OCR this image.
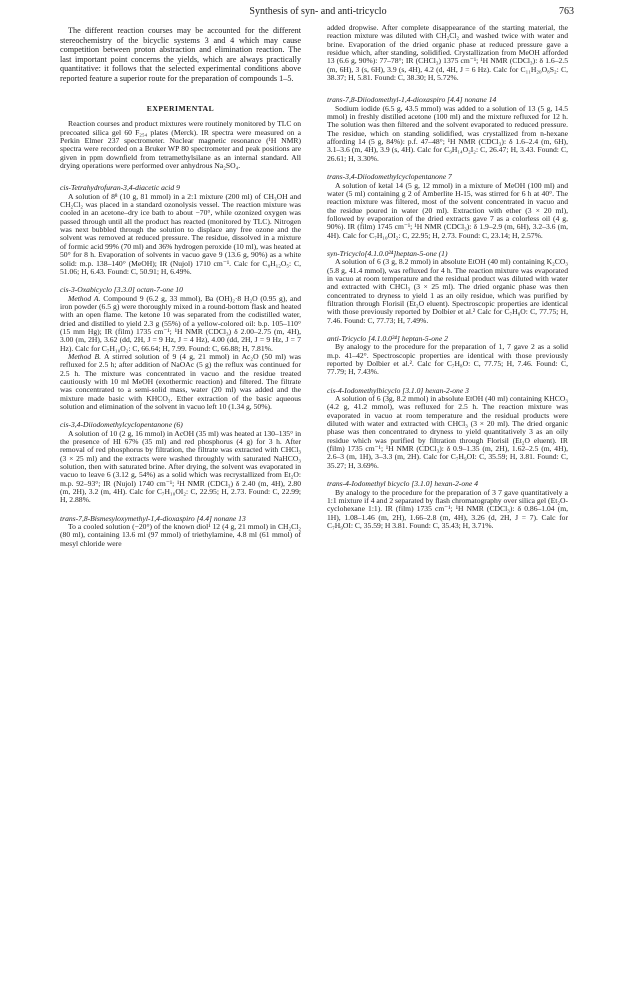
Synthesis of syn- and anti-tricyclo	763

The different reaction courses may be accounted for the different stereochemistry of the bicyclic systems 3 and 4 which may cause competition between proton abstraction and elimination reaction. The last important point concerns the yields, which are always practically quantitative: it follows that the selected experimental conditions above reported feature a superior route for the preparation of compounds 1–5.

EXPERIMENTAL

Reaction courses and product mixtures were routinely monitored by TLC on precoated silica gel 60 F₂₅₄ plates (Merck). IR spectra were measured on a Perkin Elmer 237 spectrometer. Nuclear magnetic resonance (¹H NMR) spectra were recorded on a Bruker WP 80 spectrometer and peak positions are given in ppm downfield from tetramethylsilane as an internal standard. All drying operations were performed over anhydrous Na₂SO₄.

cis-Tetrahydrofuran-3,4-diacetic acid 9

A solution of 8⁸ (10 g, 81 mmol) in a 2:1 mixture (200 ml) of CH₃OH and CH₂Cl₂ was placed in a standard ozonolysis vessel. The reaction mixture was cooled in an acetone–dry ice bath to about −70°, while ozonized oxygen was passed through until all the product has reacted (monitored by TLC). Nitrogen was next bubbled through the solution to displace any free ozone and the solvent was removed at reduced pressure. The residue, dissolved in a mixture of formic acid 99% (70 ml) and 36% hydrogen peroxide (10 ml), was heated at 50° for 8 h. Evaporation of solvents in vacuo gave 9 (13.6 g, 90%) as a white solid: m.p. 138–140° (MeOH); IR (Nujol) 1710 cm⁻¹. Calc for C₈H₁₂O₅: C, 51.06; H, 6.43. Found: C, 50.91; H, 6.49%.

cis-3-Oxabicyclo [3.3.0] octan-7-one 10

Method A. Compound 9 (6.2 g, 33 mmol), Ba (OH)₂·8 H₂O (0.95 g), and iron powder (6.5 g) were thoroughly mixed in a round-bottom flask and heated with an open flame. The ketone 10 was separated from the codistilled water, dried and distilled to yield 2.3 g (55%) of a yellow-colored oil: b.p. 105–110° (15 mm Hg); IR (film) 1735 cm⁻¹; ¹H NMR (CDCl₃) δ 2.00–2.75 (m, 4H), 3.00 (m, 2H), 3.62 (dd, 2H, J = 9 Hz, J = 4 Hz), 4.00 (dd, 2H, J = 9 Hz, J = 7 Hz). Calc for C₇H₁₀O₂: C, 66.64; H, 7.99. Found: C, 66.88; H, 7.81%.

Method B. A stirred solution of 9 (4 g, 21 mmol) in Ac₂O (50 ml) was refluxed for 2.5 h; after addition of NaOAc (5 g) the reflux was continued for 2.5 h. The mixture was concentrated in vacuo and the residue treated cautiously with 10 ml MeOH (exothermic reaction) and filtered. The filtrate was concentrated to a semi-solid mass, water (20 ml) was added and the mixture made basic with KHCO₃. Ether extraction of the basic aqueous solution and elimination of the solvent in vacuo left 10 (1.34 g, 50%).

cis-3,4-Diiodomethylcyclopentanone (6)

A solution of 10 (2 g, 16 mmol) in AcOH (35 ml) was heated at 130–135° in the presence of HI 67% (35 ml) and red phosphorus (4 g) for 3 h. After removal of red phosphorus by filtration, the filtrate was extracted with CHCl₃ (3 × 25 ml) and the extracts were washed throughly with saturated NaHCO₃ solution, then with saturated brine. After drying, the solvent was evaporated in vacuo to leave 6 (3.12 g, 54%) as a solid which was recrystallized from Et₂O: m.p. 92–93°; IR (Nujol) 1740 cm⁻¹; ¹H NMR (CDCl₃) δ 2.40 (m, 4H), 2.80 (m, 2H), 3.2 (m, 4H). Calc for C₇H₁₀OI₂: C, 22.95; H, 2.73. Found: C, 22.99; H, 2.88%.

trans-7,8-Bismesyloxymethyl-1,4-dioxaspiro [4.4] nonane 13

To a cooled solution (−20°) of the known diol¹ 12 (4 g, 21 mmol) in CH₂Cl₂ (80 ml), containing 13.6 ml (97 mmol) of triethylamine, 4.8 ml (61 mmol) of mesyl chloride were

added dropwise. After complete disappearance of the starting material, the reaction mixture was diluted with CH₂Cl₂ and washed twice with water and brine. Evaporation of the dried organic phase at reduced pressure gave a residue which, after standing, solidified. Crystallization from MeOH afforded 13 (6.6 g, 90%): 77–78°; IR (CHCl₃) 1375 cm⁻¹; ¹H NMR (CDCl₃): δ 1.6–2.5 (m, 6H), 3 (s, 6H), 3.9 (s, 4H), 4.2 (d, 4H, J = 6 Hz). Calc for C₁₁H₂₀O₈S₂: C, 38.37; H, 5.81. Found: C, 38.30; H, 5.72%.

trans-7,8-Diiodomethyl-1,4-dioxaspiro [4.4] nonane 14

Sodium iodide (6.5 g, 43.5 mmol) was added to a solution of 13 (5 g, 14.5 mmol) in freshly distilled acetone (100 ml) and the mixture refluxed for 12 h. The solution was then filtered and the solvent evaporated to reduced pressure. The residue, which on standing solidified, was crystallized from n-hexane affording 14 (5 g, 84%): p.f. 47–48°; ¹H NMR (CDCl₃): δ 1.6–2.4 (m, 6H), 3.1–3.6 (m, 4H), 3.9 (s, 4H). Calc for C₉H₁₄O₂I₂: C, 26.47; H, 3.43. Found: C, 26.61; H, 3.30%.

trans-3,4-Diiodomethylcyclopentanone 7

A solution of ketal 14 (5 g, 12 mmol) in a mixture of MeOH (100 ml) and water (5 ml) containing g 2 of Amberlite H-15, was stirred for 6 h at 40°. The reaction mixture was filtered, most of the solvent concentrated in vacuo and the residue poured in water (20 ml). Extraction with ether (3 × 20 ml), followed by evaporation of the dried extracts gave 7 as a colorless oil (4 g, 90%). IR (film) 1745 cm⁻¹; ¹H NMR (CDCl₃): δ 1.9–2.9 (m, 6H), 3.2–3.6 (m, 4H). Calc for C₇H₁₀OI₂: C, 22.95; H, 2.73. Found: C, 23.14; H, 2.57%.

syn-Tricyclo[4.1.0.0²⁴]heptan-5-one (1)

A solution of 6 (3 g, 8.2 mmol) in absolute EtOH (40 ml) containing K₂CO₃ (5.8 g, 41.4 mmol), was refluxed for 4 h. The reaction mixture was evaporated in vacuo at room temperature and the residual product was diluted with water and extracted with CHCl₃ (3 × 25 ml). The dried organic phase was then concentrated to dryness to yield 1 as an oily residue, which was purified by filtration through Florisil (Et₂O eluent). Spectroscopic properties are identical with those previously reported by Dolbier et al.² Calc for C₇H₈O: C, 77.75; H, 7.46. Found: C, 77.73; H, 7.49%.

anti-Tricyclo [4.1.0.0²⁴] heptan-5-one 2

By analogy to the procedure for the preparation of 1, 7 gave 2 as a solid m.p. 41–42°. Spectroscopic properties are identical with those previously reported by Dolbier et al.². Calc for C₇H₈O: C, 77.75; H, 7.46. Found: C, 77.79; H, 7.43%.

cis-4-Iodomethylbicyclo [3.1.0] hexan-2-one 3

A solution of 6 (3g, 8.2 mmol) in absolute EtOH (40 ml) containing KHCO₃ (4.2 g, 41.2 mmol), was refluxed for 2.5 h. The reaction mixture was evaporated in vacuo at room temperature and the residual products were diluted with water and extracted with CHCl₃ (3 × 20 ml). The dried organic phase was then concentrated to dryness to yield quantitatively 3 as an oily residue which was purified by filtration through Florisil (Et₂O eluent). IR (film) 1735 cm⁻¹; ¹H NMR (CDCl₃): δ 0.9–1.35 (m, 2H), 1.62–2.5 (m, 4H), 2.6–3 (m, 1H), 3–3.3 (m, 2H). Calc for C₇H₉OI: C, 35.59; H, 3.81. Found: C, 35.27; H, 3.69%.

trans-4-Iodomethyl bicyclo [3.1.0] hexan-2-one 4

By analogy to the procedure for the preparation of 3 7 gave quantitatively a 1:1 mixture if 4 and 2 separated by flash chromatography over silica gel (Et₂O-cyclohexane 1:1). IR (film) 1735 cm⁻¹; ¹H NMR (CDCl₃): δ 0.86–1.04 (m, 1H), 1.08–1.46 (m, 2H), 1.66–2.8 (m, 4H), 3.26 (d, 2H, J = 7). Calc for C₇H₉OI: C, 35.59; H 3.81. Found: C, 35.43; H, 3.71%.
